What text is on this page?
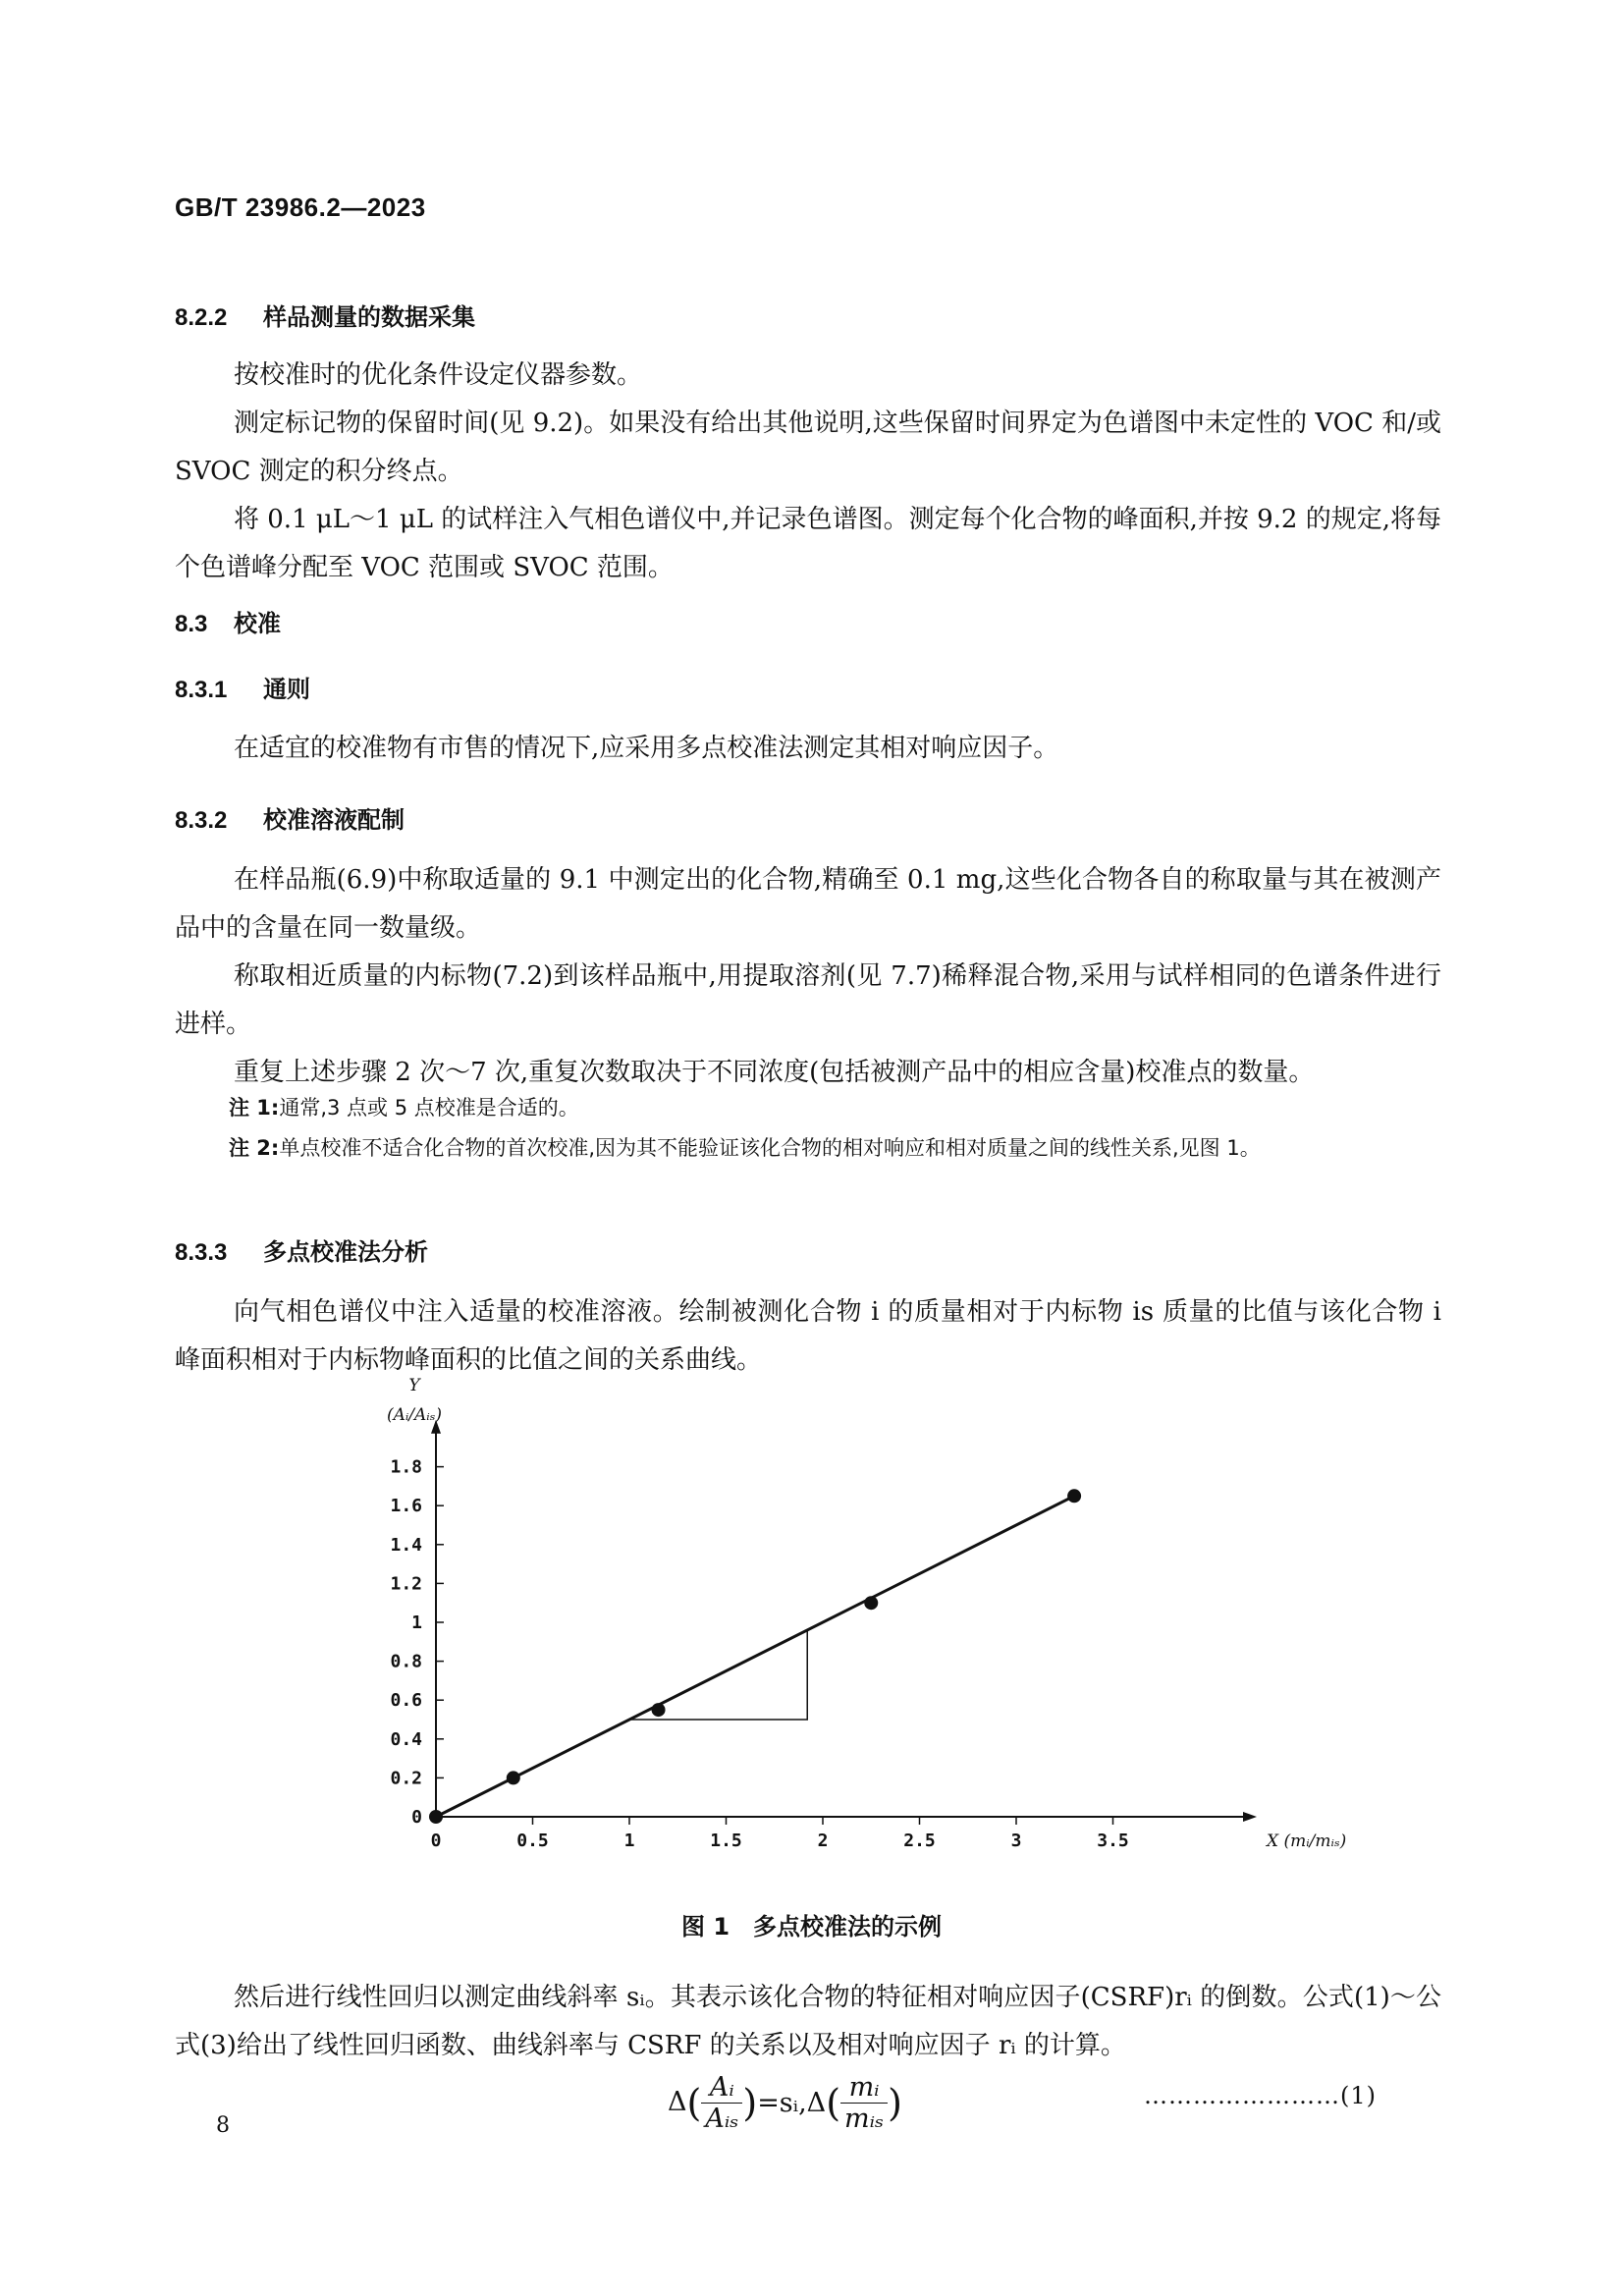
GB/T 23986.2—2023
8.2.2 样品测量的数据采集
按校准时的优化条件设定仪器参数。
测定标记物的保留时间(见 9.2)。如果没有给出其他说明,这些保留时间界定为色谱图中未定性的 VOC 和/或 SVOC 测定的积分终点。
将 0.1 μL～1 μL 的试样注入气相色谱仪中,并记录色谱图。测定每个化合物的峰面积,并按 9.2 的规定,将每个色谱峰分配至 VOC 范围或 SVOC 范围。
8.3 校准
8.3.1 通则
在适宜的校准物有市售的情况下,应采用多点校准法测定其相对响应因子。
8.3.2 校准溶液配制
在样品瓶(6.9)中称取适量的 9.1 中测定出的化合物,精确至 0.1 mg,这些化合物各自的称取量与其在被测产品中的含量在同一数量级。
称取相近质量的内标物(7.2)到该样品瓶中,用提取溶剂(见 7.7)稀释混合物,采用与试样相同的色谱条件进行进样。
重复上述步骤 2 次～7 次,重复次数取决于不同浓度(包括被测产品中的相应含量)校准点的数量。
注 1:通常,3 点或 5 点校准是合适的。
注 2:单点校准不适合化合物的首次校准,因为其不能验证该化合物的相对响应和相对质量之间的线性关系,见图 1。
8.3.3 多点校准法分析
向气相色谱仪中注入适量的校准溶液。绘制被测化合物 i 的质量相对于内标物 is 质量的比值与该化合物 i 峰面积相对于内标物峰面积的比值之间的关系曲线。
0	0.5	1	1.5	2	2.5	3	3.5
0
0.2
0.4
0.6
0.8
1
1.2
1.4
1.6
1.8
Y
(Aᵢ/Aᵢₛ)
X (mᵢ/mᵢₛ)
图 1　多点校准法的示例
然后进行线性回归以测定曲线斜率 sᵢ。其表示该化合物的特征相对响应因子(CSRF)rᵢ 的倒数。公式(1)～公式(3)给出了线性回归函数、曲线斜率与 CSRF 的关系以及相对响应因子 rᵢ 的计算。
$\Delta( \frac{\text{Aᵢ}}{\text{Aᵢₛ}}$ )=sᵢ,Δ( $\frac{\text{mᵢ}}{\text{mᵢₛ}}$ )	……………………(1)
8
